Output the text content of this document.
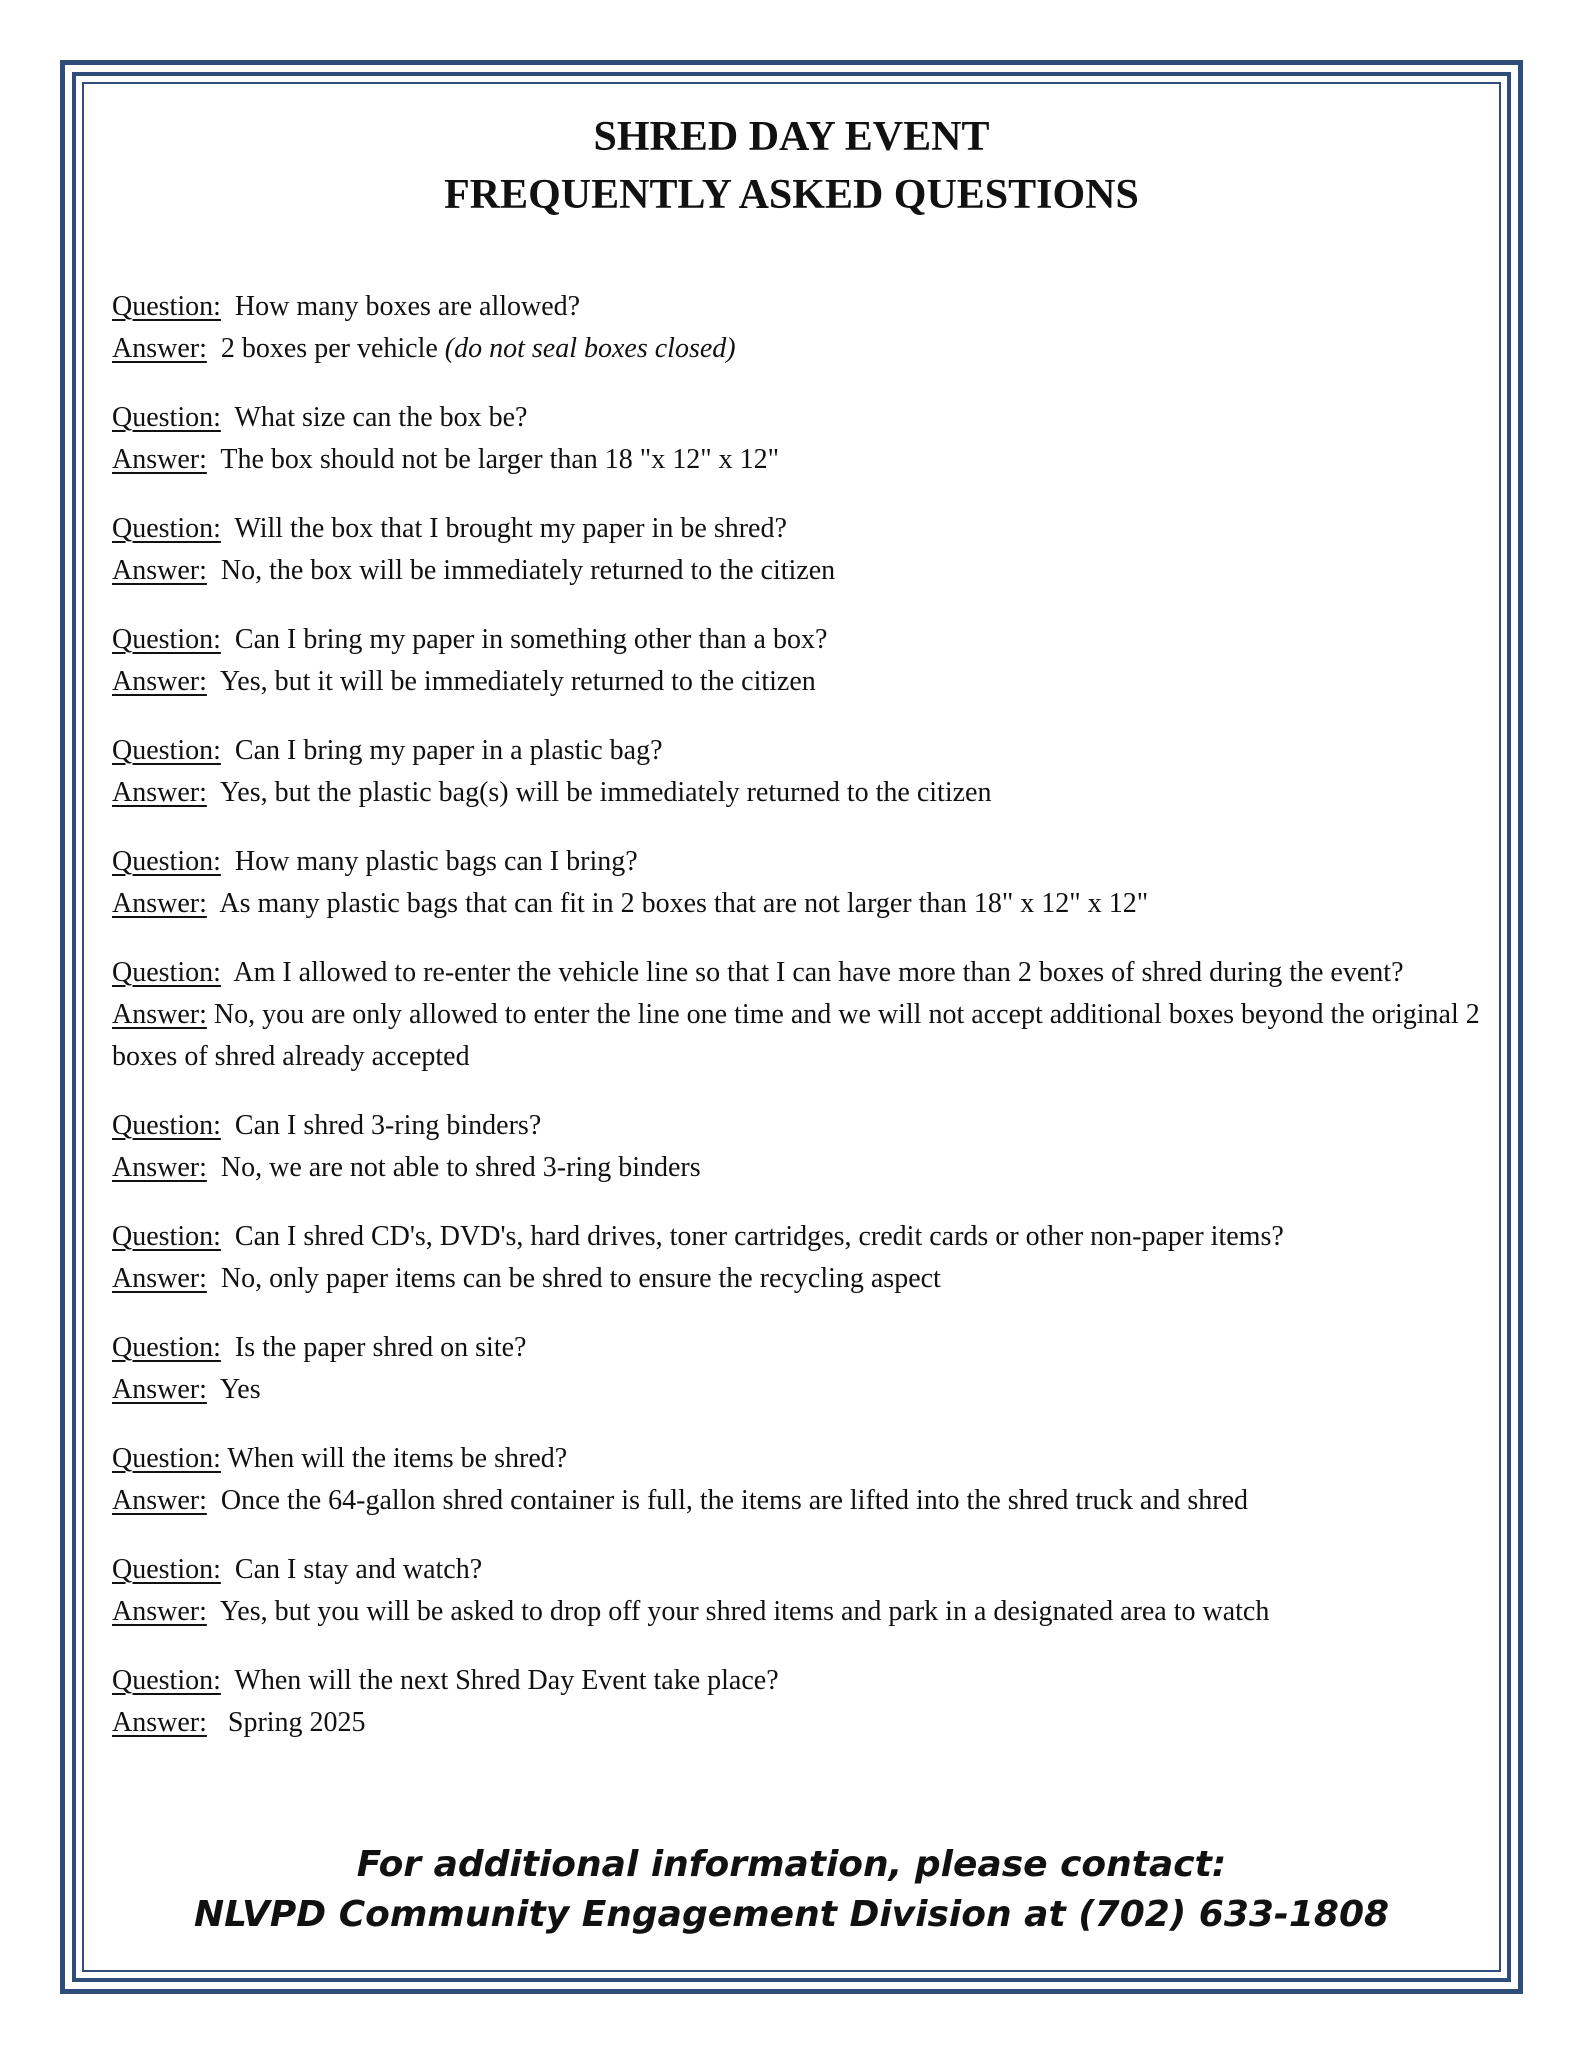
SHRED DAY EVENT
FREQUENTLY ASKED QUESTIONS

Question: How many boxes are allowed?

Answer: 2 boxes per vehicle (do not seal boxes closed)

Question: What size can the box be?

Answer: The box should not be larger than 18 "x 12" x 12"

Question: Will the box that I brought my paper in be shred?

Answer: No, the box will be immediately returned to the citizen

Question: Can I bring my paper in something other than a box?

Answer: Yes, but it will be immediately returned to the citizen

Question: Can I bring my paper in a plastic bag?

Answer: Yes, but the plastic bag(s) will be immediately returned to the citizen

Question: How many plastic bags can I bring?

Answer: As many plastic bags that can fit in 2 boxes that are not larger than 18" x 12" x 12"

Question: Am I allowed to re-enter the vehicle line so that I can have more than 2 boxes of shred during the event?

Answer: No, you are only allowed to enter the line one time and we will not accept additional boxes beyond the original 2 boxes of shred already accepted

Question: Can I shred 3-ring binders?

Answer: No, we are not able to shred 3-ring binders

Question: Can I shred CD's, DVD's, hard drives, toner cartridges, credit cards or other non-paper items?

Answer: No, only paper items can be shred to ensure the recycling aspect

Question: Is the paper shred on site?

Answer: Yes

Question: When will the items be shred?

Answer: Once the 64-gallon shred container is full, the items are lifted into the shred truck and shred

Question: Can I stay and watch?

Answer: Yes, but you will be asked to drop off your shred items and park in a designated area to watch

Question: When will the next Shred Day Event take place?

Answer: Spring 2025

For additional information, please contact:
NLVPD Community Engagement Division at (702) 633-1808
